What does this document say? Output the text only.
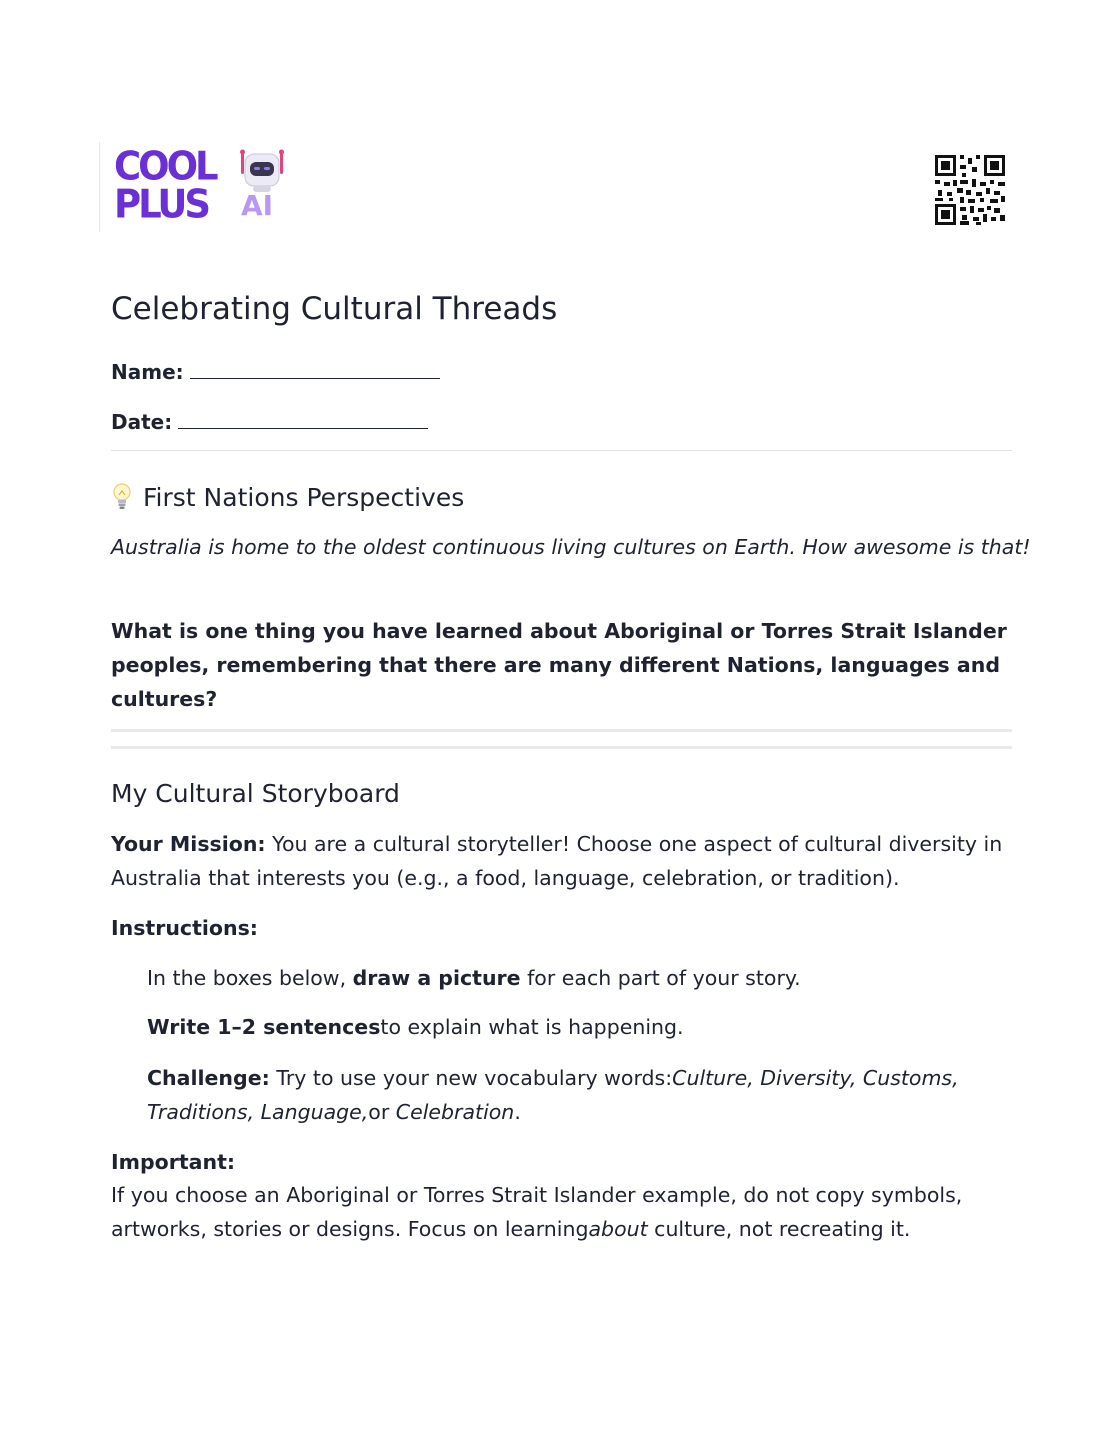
COOL
PLUS AI
Celebrating Cultural Threads
Name:
Date:
First Nations Perspectives

Australia is home to the oldest continuous living cultures on Earth. How awesome is that!

What is one thing you have learned about Aboriginal or Torres Strait Islander peoples, remembering that there are many different Nations, languages and cultures?

My Cultural Storyboard

Your Mission: You are a cultural storyteller! Choose one aspect of cultural diversity in Australia that interests you (e.g., a food, language, celebration, or tradition).

Instructions:

In the boxes below, draw a picture for each part of your story.

Write 1–2 sentencesto explain what is happening.

Challenge: Try to use your new vocabulary words:Culture, Diversity, Customs, Traditions, Language,or Celebration.

Important:

If you choose an Aboriginal or Torres Strait Islander example, do not copy symbols, artworks, stories or designs. Focus on learningabout culture, not recreating it.
